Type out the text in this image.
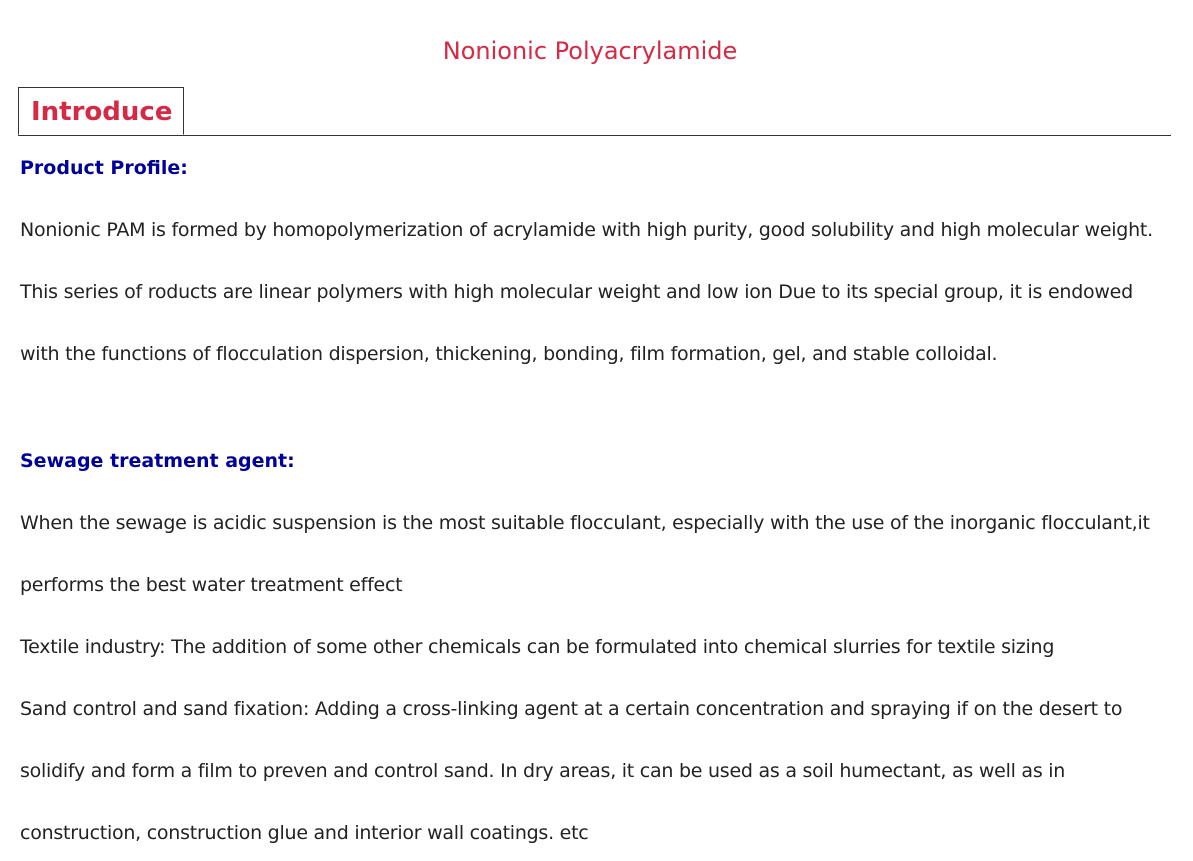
Nonionic Polyacrylamide
Introduce
Product Profile:
Nonionic PAM is formed by homopolymerization of acrylamide with high purity, good solubility and high molecular weight.
This series of roducts are linear polymers with high molecular weight and low ion Due to its special group, it is endowed
with the functions of flocculation dispersion, thickening, bonding, film formation, gel, and stable colloidal.
Sewage treatment agent:
When the sewage is acidic suspension is the most suitable flocculant, especially with the use of the inorganic flocculant,it
performs the best water treatment effect
Textile industry: The addition of some other chemicals can be formulated into chemical slurries for textile sizing
Sand control and sand fixation: Adding a cross-linking agent at a certain concentration and spraying if on the desert to
solidify and form a film to preven and control sand. In dry areas, it can be used as a soil humectant, as well as in
construction, construction glue and interior wall coatings. etc
